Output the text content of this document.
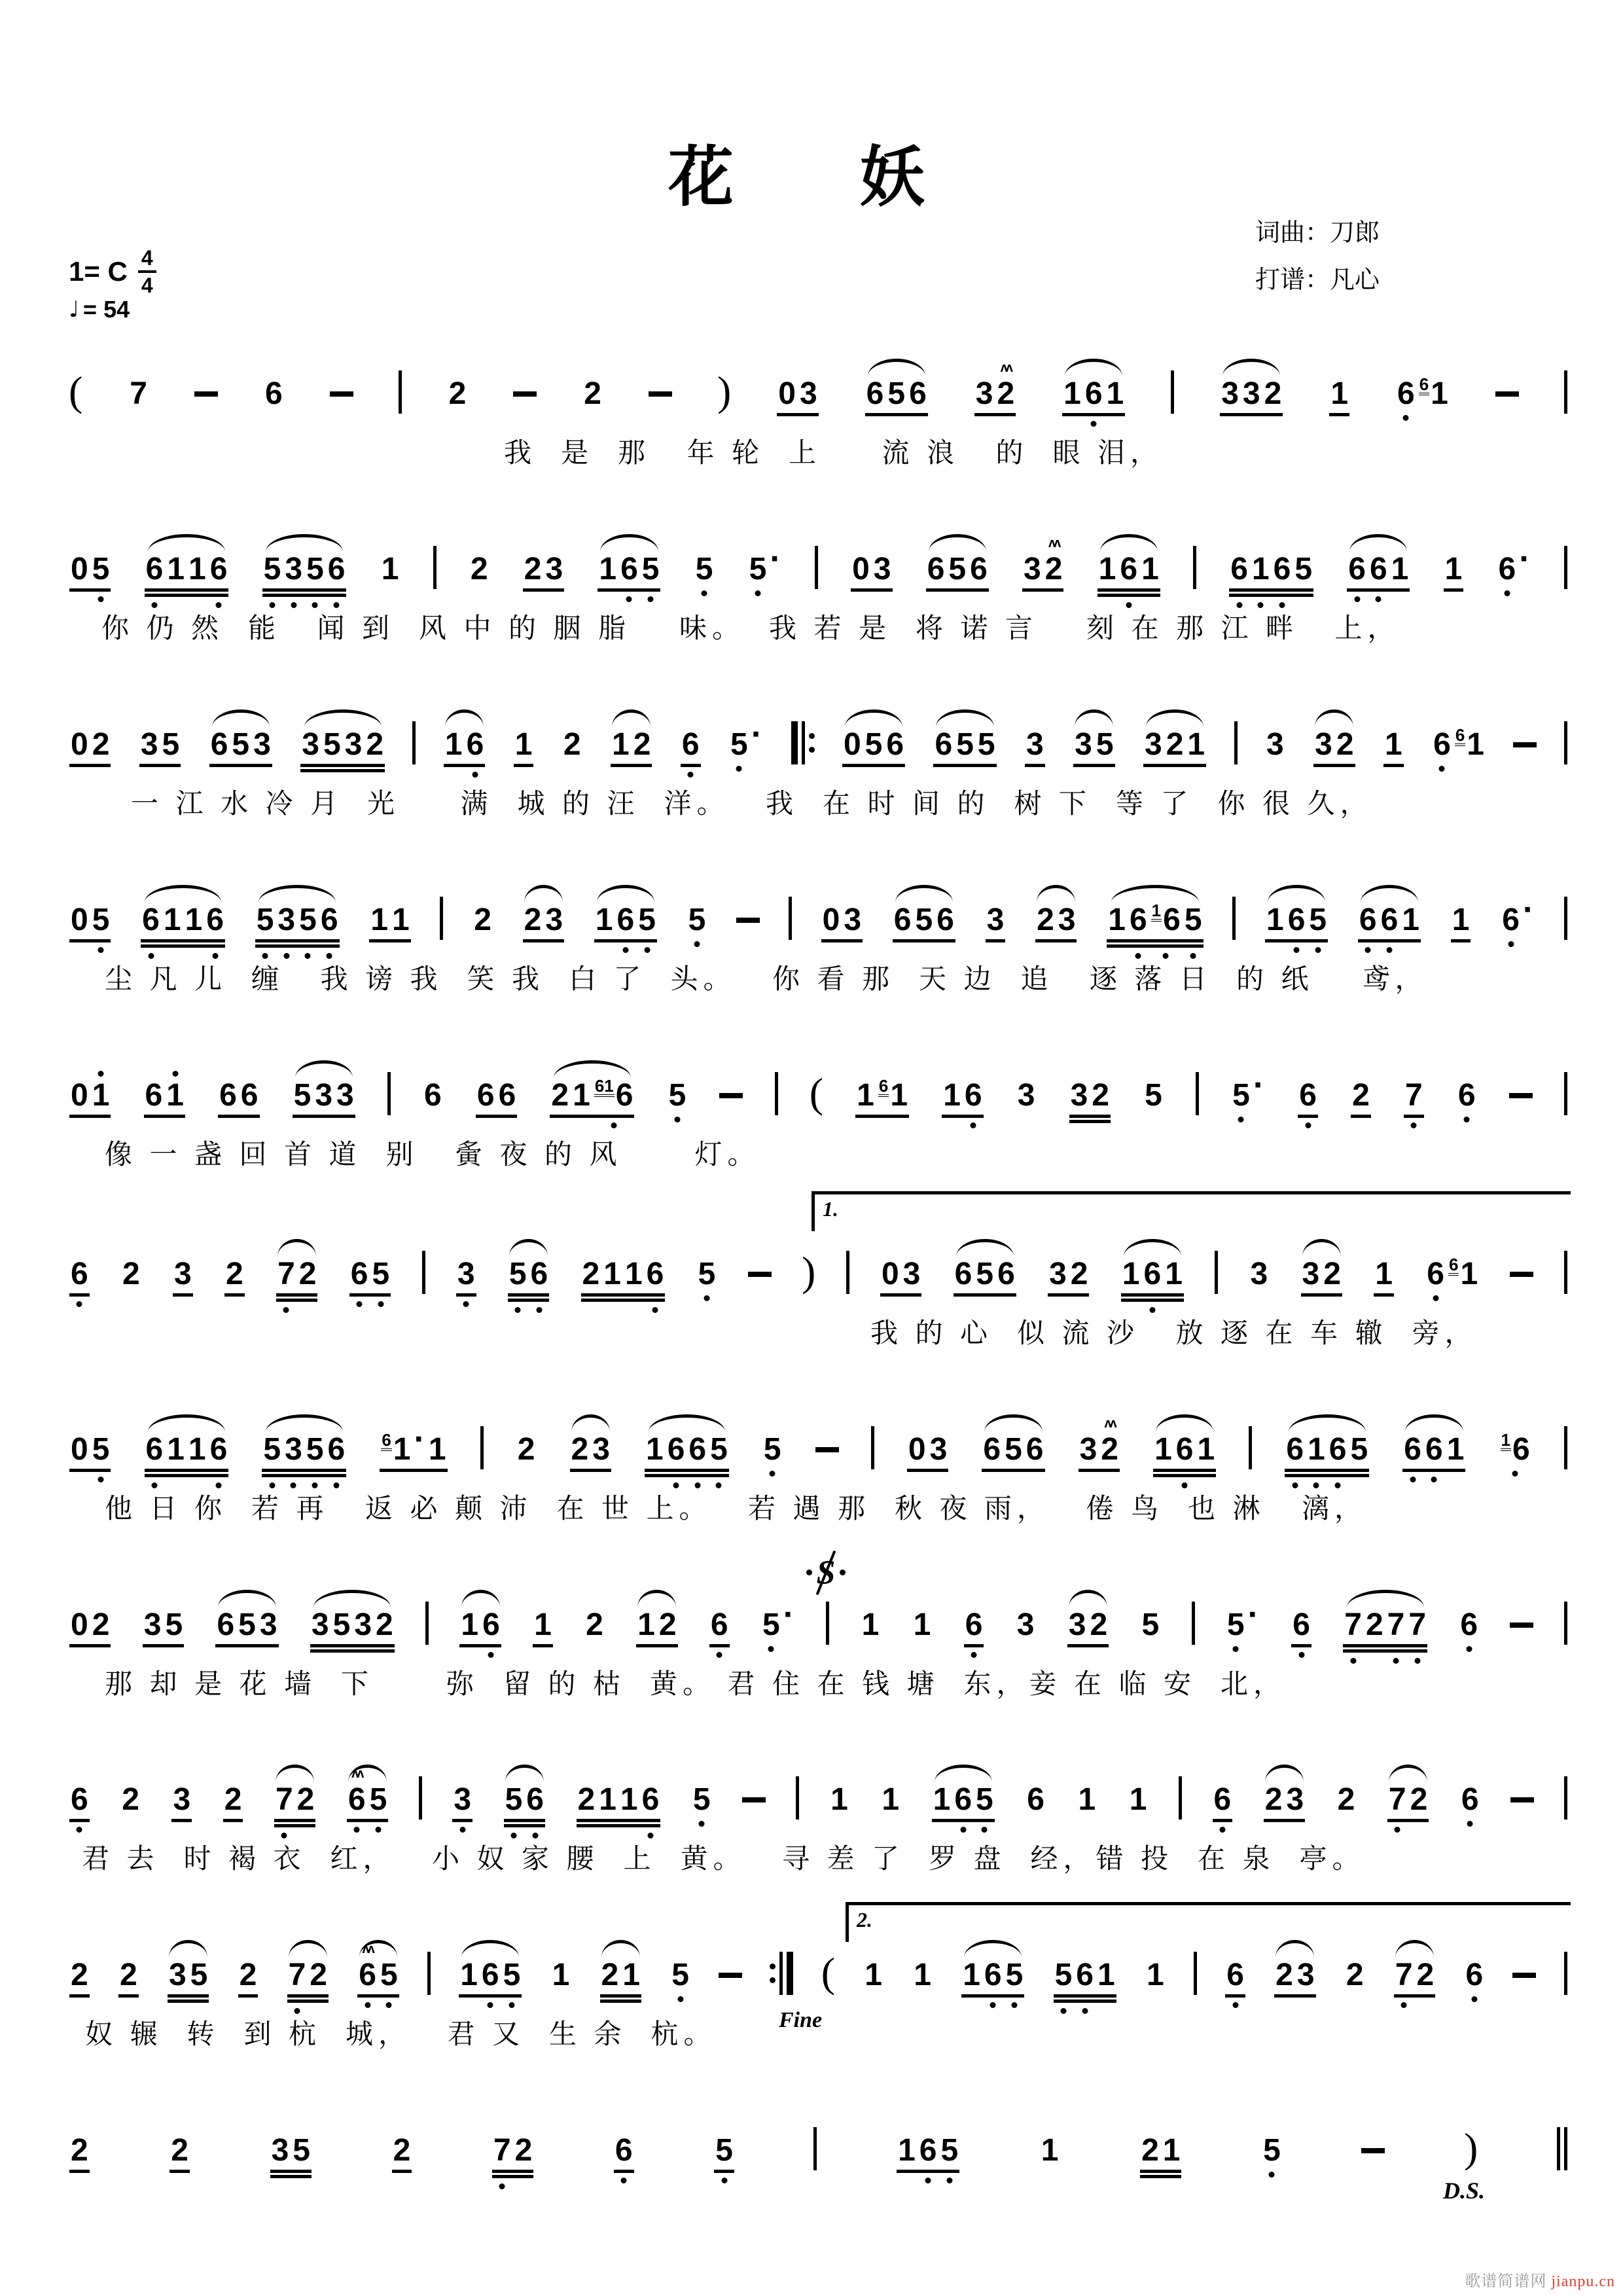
花　妖
词曲：刀郎
打谱：凡心
1= C $\frac{4}{4}$
♩ = 54
( 7	6	2	2	) 0 3 6 5 6 3 2
ʌʌ
1 6 1	3 3 2 1 6 6 1
我  是  那   年 轮  上     流 浪   的  眼 泪，
0 5 6 1 1 6 5 3 5 6 1 2 2 3 1 6 5 5 5 · 0 3 6 5 6 3 2
ʌʌ
1 6 1 6 1 6 5 6 6 1 1 6 ·
你 仍 然  能   闻 到  风 中 的 胭 脂    味。  我 若 是  将 诺 言    刻 在 那 江 畔   上，
0 2 3 5 6 5 3 3 5 3 2 1 6 1 2 1 2 6 5 ·	0 5 6 6 5 5 3 3 5 3 2 1 3 3 2 1 6 6 1
一 江 水 冷 月  光     满  城 的 汪  洋。   我  在 时 间 的  树 下  等 了  你 很 久，
0 5 6 1 1 6 5 3 5 6 1 1 2 2 3 1 6 5 5	0 3 6 5 6 3 2 3 1 6 1 6 5 1 6 5 6 6 1 1 6 ·
尘 凡 儿  缠   我 谤 我  笑 我  白 了  头。   你 看 那  天 边  追   逐 落 日  的 纸    鸢，
0 1 6 1 6 6 5 3 3 6 6 6 2 1 61 6 5	( 1 6 1 1 6 3 3 2 5 5 · 6 2 7 6
像 一 盏 回 首 道  别   夤 夜 的 风      灯。
6 2 3 2 7 2 6 5 3 5 6 2 1 1 6 5 ) 0 3 6 5 6 3 2 1 6 1 3 3 2 1 6 6 1
我 的 心  似 流 沙   放 逐 在 车 辙  旁，
0 5 6 1 1 6 5 3 5 6 6 1 · 1 2 2 3 1 6 6 5 5	0 3 6 5 6 3 2
ʌʌ
1 6 1 6 1 6 5 6 6 1 1 6
他 日 你  若 再   返 必 颠 沛  在 世 上。   若 遇 那  秋 夜 雨，   倦 鸟  也 淋   漓，
0 2 3 5 6 5 3 3 5 3 2 1 6 1 2 1 2 6 5 · 1 1 6 3 3 2 5 5 · 6 7 2 7 7 6
那 却 是 花 墙  下      弥  留 的 枯  黄。 君 住 在 钱 塘  东，妾 在 临 安  北，
6 2 3 2 7 2 6
ʌʌ
5 3 5 6 2 1 1 6 5	1 1 1 6 5 6 1 1 6 2 3 2 7 2 6
君 去  时 褐 衣  红，   小 奴 家 腰  上  黄。   寻 差 了  罗 盘  经，错 投  在 泉  亭。
2 2 3 5 2 7 2 6
ʌʌ
5 1 6 5 1 2 1 5	( 1 1 1 6 5 5 6 1 1 6 2 3 2 7 2 6
奴 辗  转  到 杭  城，   君 又  生 余  杭。
2	2	3 5	2	7 2	6	5	1 6 5	1	2 1	5	)
1.
2.
S
Fine
D.S.
歌谱简谱网 jianpu.cn
